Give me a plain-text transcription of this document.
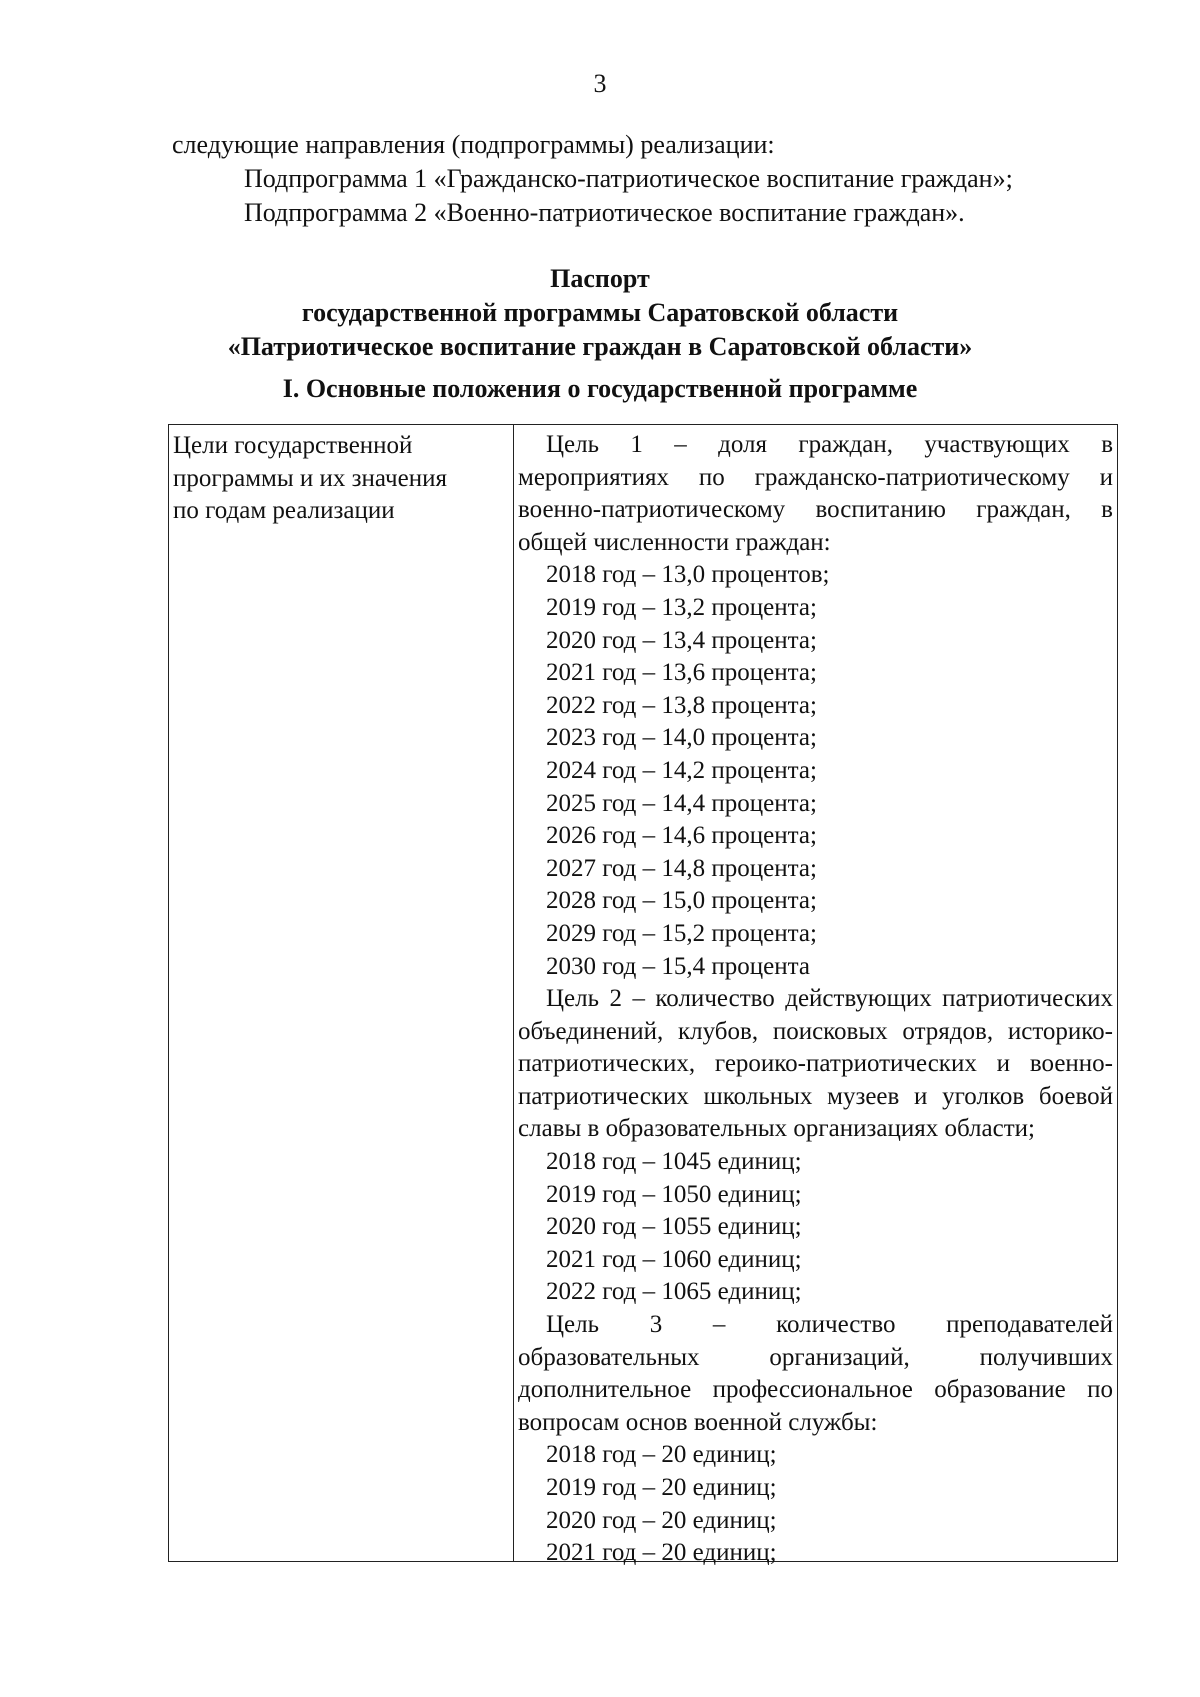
3
следующие направления (подпрограммы) реализации:
Подпрограмма 1 «Гражданско-патриотическое воспитание граждан»;
Подпрограмма 2 «Военно-патриотическое воспитание граждан».
Паспорт
государственной программы Саратовской области
«Патриотическое воспитание граждан в Саратовской области»
I. Основные положения о государственной программе
Цели государственной
программы и их значения
по годам реализации
Цель 1 – доля граждан, участвующих в мероприятиях по гражданско-патриотическому и военно-патриотическому воспитанию граждан, в общей численности граждан:
2018 год – 13,0 процентов;
2019 год – 13,2 процента;
2020 год – 13,4 процента;
2021 год – 13,6 процента;
2022 год – 13,8 процента;
2023 год – 14,0 процента;
2024 год – 14,2 процента;
2025 год – 14,4 процента;
2026 год – 14,6 процента;
2027 год – 14,8 процента;
2028 год – 15,0 процента;
2029 год – 15,2 процента;
2030 год – 15,4 процента
Цель 2 – количество действующих патриотических объединений, клубов, поисковых отрядов, историко-патриотических, героико-патриотических и военно-патриотических школьных музеев и уголков боевой славы в образовательных организациях области;
2018 год – 1045 единиц;
2019 год – 1050 единиц;
2020 год – 1055 единиц;
2021 год – 1060 единиц;
2022 год – 1065 единиц;
Цель 3 – количество преподавателей образовательных организаций, получивших дополнительное профессиональное образование по вопросам основ военной службы:
2018 год – 20 единиц;
2019 год – 20 единиц;
2020 год – 20 единиц;
2021 год – 20 единиц;
